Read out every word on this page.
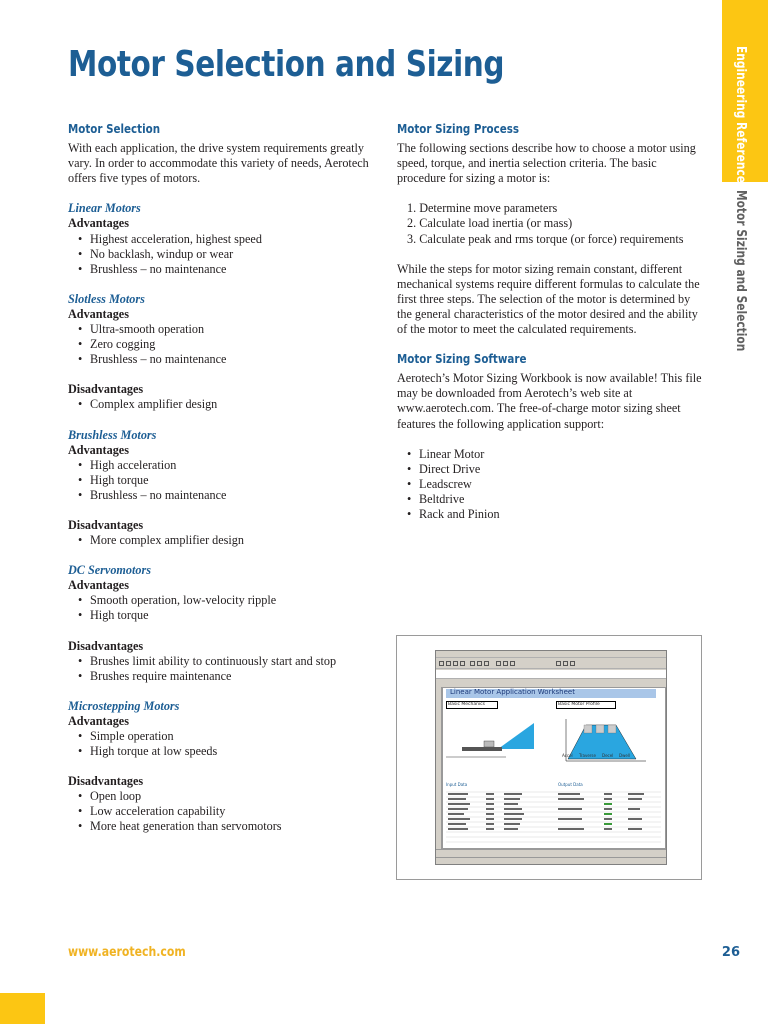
Motor Selection and Sizing	Engineering Reference
Motor Sizing and Selection
Motor Selection
With each application, the drive system requirements greatly vary. In order to accommodate this variety of needs, Aerotech offers five types of motors.
Linear Motors
Advantages
• Highest acceleration, highest speed
• No backlash, windup or wear
• Brushless – no maintenance
Slotless Motors
Advantages
• Ultra-smooth operation
• Zero cogging
• Brushless – no maintenance
Disadvantages
• Complex amplifier design
Brushless Motors
Advantages
• High acceleration
• High torque
• Brushless – no maintenance
Disadvantages
• More complex amplifier design
DC Servomotors
Advantages
• Smooth operation, low-velocity ripple
• High torque
Disadvantages
• Brushes limit ability to continuously start and stop
• Brushes require maintenance
Microstepping Motors
Advantages
• Simple operation
• High torque at low speeds
Disadvantages
• Open loop
• Low acceleration capability
• More heat generation than servomotors
Motor Sizing Process
The following sections describe how to choose a motor using speed, torque, and inertia selection criteria. The basic procedure for sizing a motor is:
1. Determine move parameters
2. Calculate load inertia (or mass)
3. Calculate peak and rms torque (or force) requirements
While the steps for motor sizing remain constant, different mechanical systems require different formulas to calculate the first three steps. The selection of the motor is determined by the general characteristics of the motor desired and the ability of the motor to meet the calculated requirements.
Motor Sizing Software
Aerotech’s Motor Sizing Workbook is now available! This file may be downloaded from Aerotech’s web site at www.aerotech.com. The free-of-charge motor sizing sheet features the following application support:
• Linear Motor
• Direct Drive
• Leadscrew
• Beltdrive
• Rack and Pinion
Linear Motor Application Worksheet
Basic Mechanics	Basic Motor Profile
Accel Traverse Decel Dwell
Input Data	Output Data
www.aerotech.com	26
